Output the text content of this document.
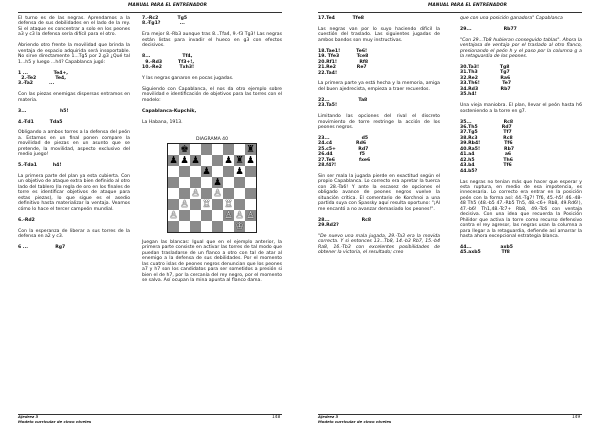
MANUAL PARA EL ENTRENADOR

El turno es de las negras. Aprendamos a la defensa de sus debilidades en el lado de la rey. Si el ataque es concentrar a solo en los peones a3 y c3 la defensa sería difícil para el otro.

Abriendo otro frente la movilidad que brinda la ventaja de espacio adquirida será insoportable. No sirve directamente 1...Tg5 por 2.g3 ¿Qué tal 1...h5 y luego ...h4? Capablanca jugó:

1 ...                Te4+,
2.-Te2            Te4,
3.-Ta2          ...

Con las piezas enemigas dispersas entramos en materia.

3...                     h5!
4.-Td1          Tda5

Obligando a ambos torres a la defensa del peón a. Estamos en un final ponen compare la movilidad de piezas en un asunto que se pretende, la movilidad, aspecto exclusivo del medio juego!

5.-Tda1          h4!

La primera parte del plan ya esta cubierta. Con un objetivo de ataque extra bien definido al otro lado del tablero (la regla de oro en los finales de torre es identificar objetivos de ataque para estas piezas), lo que sigue es el asedio definitivo hasta materializar la ventaja. Veamos cómo lo hace el tercer campeón mundial.

6.-Rd2

Con la esperanza de liberar a sus torres de la defensa en a2 y c3.

6 ...                 Rg7
7.-Rc2            Tg5
8.-Tg1?            ...

Era mejor 8.-Rb3 aunque tras 8...Tfa4, 9.-f3 Tg3! Las negras están listas para invadir el hueco en g3 con efectos decisivos.

8...                    Tf4,
9.-Rd3          Tf3+!,
10.-Re2           Txh3!

Y las negras ganaron en pocas jugadas.

Siguiendo con Capablanca, el nos da otro ejemplo sobre movilidad e identificación de objetivos para las torres con el modelo:

Capablanca-Kupchik,

La Habana, 1913.

DIAGRAMA 40
♚	♜
♟ ♟ ♟	♟ ♜ ♟
♟	♟
♟
♙ ♙
♙ ♖ ♖
♙	♙ ♙ ♙
♔

Juegan las blancas: Igual que en el ejemplo anterior, la primera parte consiste en activar las torres de tal modo que puedan trasladarse de un flanco a otro con tal de atar al enemigo a la defensa de sus debilidades. Por el momento las cuatro islas de peones negros denuncian que los peones a7 y h7 son los candidatos para ser sometidos a presión si bien el de h7, por la cercanía del rey negro, por el momento se salva. Así ocupan la mina apunta al flanco dama.

Ajedrez 3
Modelo curricular de cinco niveles
148
MANUAL PARA EL ENTRENADOR
17.Te4           Tfe8

Las negras van por lo suyo haciendo difícil la cuestión del traslado. Las siguientes jugadas de ambos bandos son muy instructivas.

18.Tae1!          Te6!
19. Tfe3           Tce8
20.Rf1!              Rf8
21.Re2             Re7
22.Ta4!

La primera parte ya está hecha y la memoria, amiga del buen ajedrecista, empieza a traer recuerdos.

22...                  Ta8
23.Ta5!

Limitando las opciones del rival el discreto movimiento de torre restringe la acción de los peones negros.

23...                    d5
24.c4               Rd6
25.c5+              Rd7
26.d4                 f5
27.Te6               fxe6
28.f4?!

Sin ser mala la jugada pierde en exactitud según el propio Capablanca. Lo correcto era apretar la tuerca con 28.-Ta6! Y ante la escasez de opciones el obligado avance de peones negros vuelve la situación crítica. El comentario de Korchnoi a una partida suya con Spassky aquí resulta oportuno: "¡Al me encantó a no avanzar demasiado los peones!".

28...                    Rc8
29.Rd2?

"De nuevo una mala jugada, 29.-Ta3 era la movida correcta. Y si entonces 13...Tb8, 14.-b3 Rb7, 15.-b4 Ra8, 16.-Tb3 con excelentes posibilidades de obtener la victoria, el resultado; creo

que con una posición ganadora" Capablanca

29...                    Rb77

"Con 29...Tb8 hubieran conseguido tablas". Ahora la ventajosa de ventaja por el traslado al otro flanco, presionando el peón h y el paso por la columna g a la retaguardia de los peones.

30.Ta3!             Tg8
31.Th3              Tg7
32.Re2              Ra6
33.Th6!              Te7
34.Rd3              Rb7
35.h4!

Una vieja maniobra. El plan, llevar el peón hasta h6 sosteniendo a la torre en g7.

35...                    Rc8
36.Th5               Rd7
37.Tg5                Tf7
38.Rc3                Rc8
39.Rb4!               Tf6
40.Ra5!               Rb7
41.a4                   a6
42.h5                  Th6
43.b4                  Tf6
44.b5?

Las negras no tenían más que hacer que esperar y esta ruptura, en medio de esa impotencia, es innecesaria. Lo correcto era entrar en la posición peón con la forma así: 44.-Tg7! Tf6, 45.-h5! 46.-48-48 Th5 (48.-b5 47.-Rb5 Th5, 48.-c6+ Rb8, 49.Rd6!), 47.-b6! Th1,48.-Tc7+ Rb8, 49.-Tc6 con ventaja decisiva. Con una idea que recuerda la Posición Philidor que activa la torre como recurso defensivo contra el rey agresor, las negras usan la columna a para llegar a la retaguardia, defiende así amarrar la hasta ahora excepcional estrategia blanca.

44...                  axb5
45.axb5             Tf8
Ajedrez 3
Modelo curricular de cinco niveles
149
